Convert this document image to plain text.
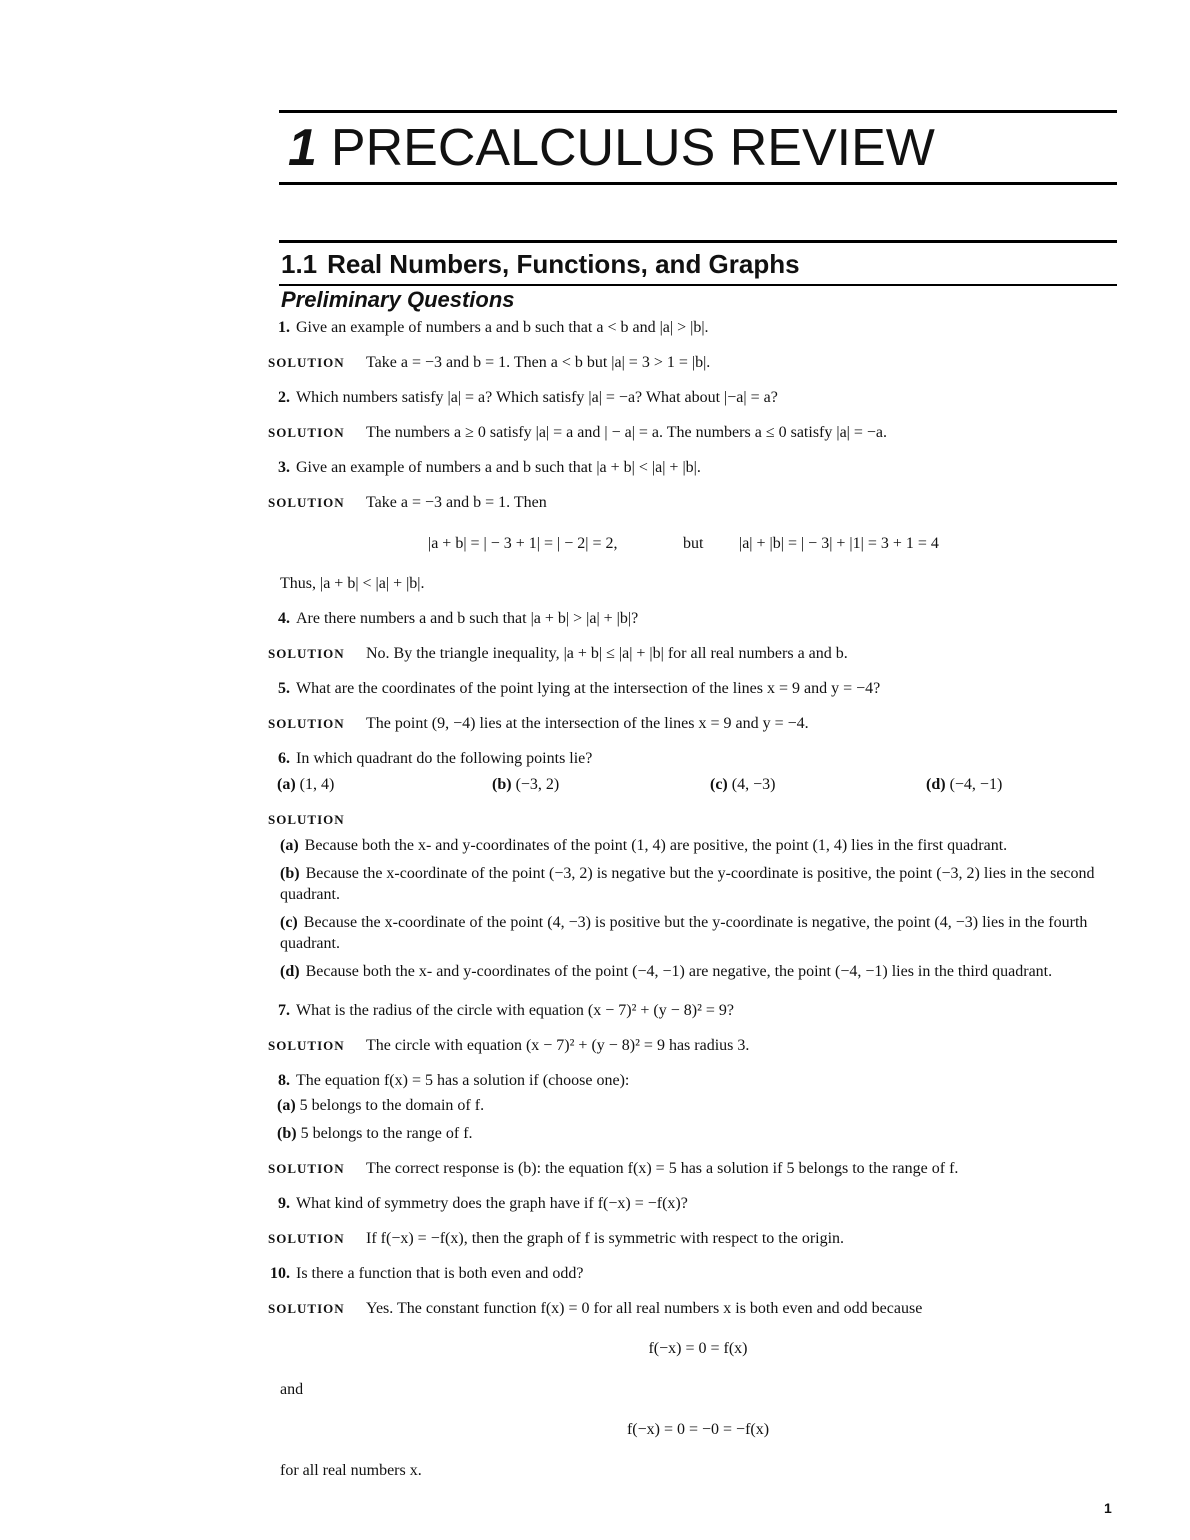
1 PRECALCULUS REVIEW
1.1 Real Numbers, Functions, and Graphs
Preliminary Questions
1. Give an example of numbers a and b such that a < b and |a| > |b|.
SOLUTION Take a = −3 and b = 1. Then a < b but |a| = 3 > 1 = |b|.
2. Which numbers satisfy |a| = a? Which satisfy |a| = −a? What about |−a| = a?
SOLUTION The numbers a ≥ 0 satisfy |a| = a and | − a| = a. The numbers a ≤ 0 satisfy |a| = −a.
3. Give an example of numbers a and b such that |a + b| < |a| + |b|.
SOLUTION Take a = −3 and b = 1. Then
|a + b| = | − 3 + 1| = | − 2| = 2,	but |a| + |b| = | − 3| + |1| = 3 + 1 = 4
Thus, |a + b| < |a| + |b|.
4. Are there numbers a and b such that |a + b| > |a| + |b|?
SOLUTION No. By the triangle inequality, |a + b| ≤ |a| + |b| for all real numbers a and b.
5. What are the coordinates of the point lying at the intersection of the lines x = 9 and y = −4?
SOLUTION The point (9, −4) lies at the intersection of the lines x = 9 and y = −4.
6. In which quadrant do the following points lie?
(a) (1, 4)	(b) (−3, 2)	(c) (4, −3)	(d) (−4, −1)
SOLUTION
(a) Because both the x- and y-coordinates of the point (1, 4) are positive, the point (1, 4) lies in the first quadrant.
(b) Because the x-coordinate of the point (−3, 2) is negative but the y-coordinate is positive, the point (−3, 2) lies in the second quadrant.
(c) Because the x-coordinate of the point (4, −3) is positive but the y-coordinate is negative, the point (4, −3) lies in the fourth quadrant.
(d) Because both the x- and y-coordinates of the point (−4, −1) are negative, the point (−4, −1) lies in the third quadrant.
7. What is the radius of the circle with equation (x − 7)² + (y − 8)² = 9?
SOLUTION The circle with equation (x − 7)² + (y − 8)² = 9 has radius 3.
8. The equation f(x) = 5 has a solution if (choose one):
(a) 5 belongs to the domain of f.
(b) 5 belongs to the range of f.
SOLUTION The correct response is (b): the equation f(x) = 5 has a solution if 5 belongs to the range of f.
9. What kind of symmetry does the graph have if f(−x) = −f(x)?
SOLUTION If f(−x) = −f(x), then the graph of f is symmetric with respect to the origin.
10. Is there a function that is both even and odd?
SOLUTION Yes. The constant function f(x) = 0 for all real numbers x is both even and odd because
f(−x) = 0 = f(x)
and
f(−x) = 0 = −0 = −f(x)
for all real numbers x.
1
